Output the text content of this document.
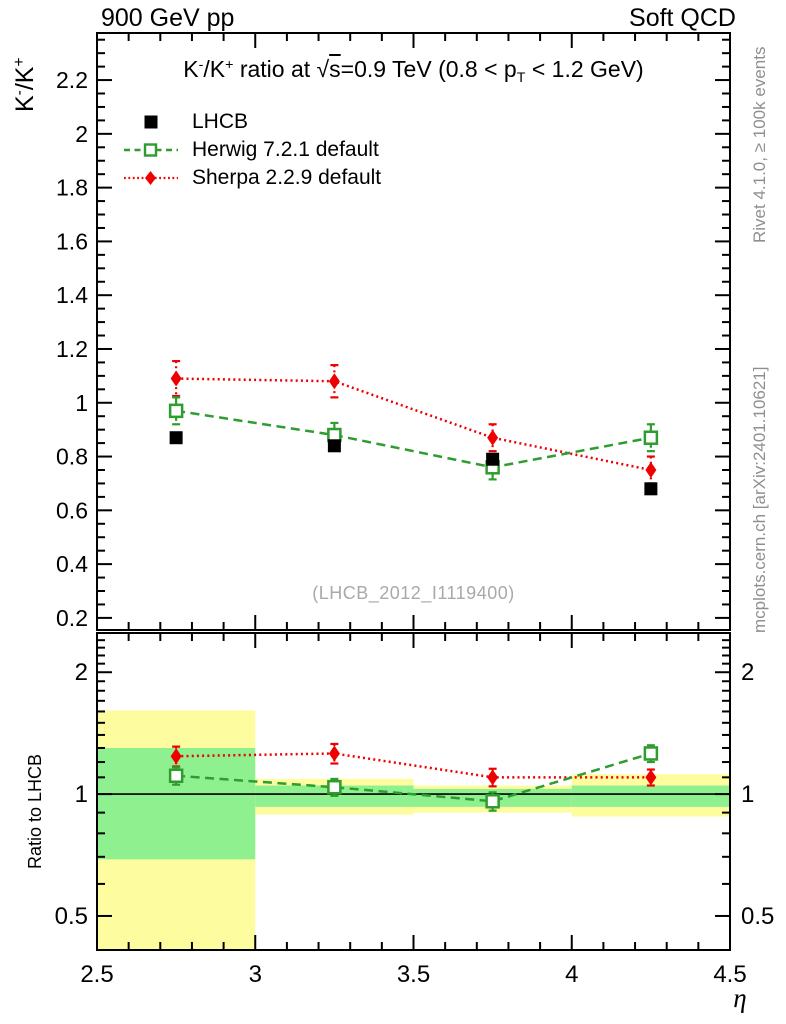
2.5	3	3.5	4	4.5
0.2
0.4
0.6
0.8
1
1.2
1.4
1.6
1.8
2
2.2
0.5	0.5
1	1
2	2
900 GeV pp	Soft QCD
K-/K+	K-/K+ ratio at √s=0.9 TeV ($0.8 < p_T < 1.2$ GeV)
LHCB
Herwig 7.2.1 default
Sherpa 2.2.9 default
(LHCB_2012_I1119400)
Rivet 4.1.0, ≥ 100k events
mcplots.cern.ch [arXiv:2401.10621]
Ratio to LHCB
η
